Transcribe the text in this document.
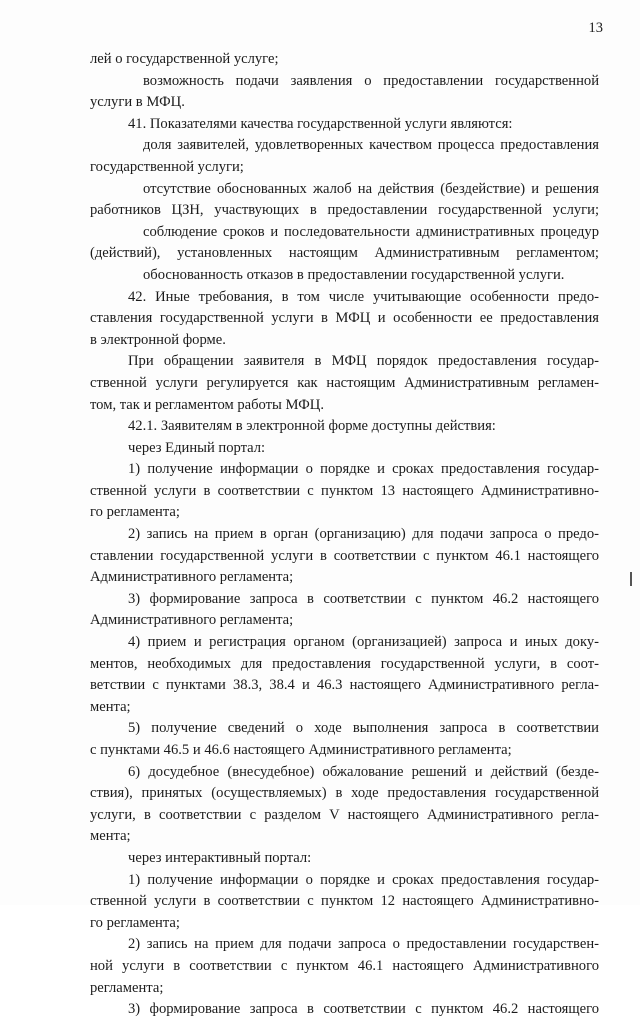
13
лей о государственной услуге;
возможность подачи заявления о предоставлении государственной
услуги в МФЦ.
41. Показателями качества государственной услуги являются:
доля заявителей, удовлетворенных качеством процесса предоставления
государственной услуги;
отсутствие обоснованных жалоб на действия (бездействие) и решения
работников ЦЗН, участвующих в предоставлении государственной услуги;
соблюдение сроков и последовательности административных процедур
(действий), установленных настоящим Административным регламентом;
обоснованность отказов в предоставлении государственной услуги.
42. Иные требования, в том числе учитывающие особенности предо-
ставления государственной услуги в МФЦ и особенности ее предоставления
в электронной форме.
При обращении заявителя в МФЦ порядок предоставления государ-
ственной услуги регулируется как настоящим Административным регламен-
том, так и регламентом работы МФЦ.
42.1. Заявителям в электронной форме доступны действия:
через Единый портал:
1) получение информации о порядке и сроках предоставления государ-
ственной услуги в соответствии с пунктом 13 настоящего Административно-
го регламента;
2) запись на прием в орган (организацию) для подачи запроса о предо-
ставлении государственной услуги в соответствии с пунктом 46.1 настоящего
Административного регламента;
3) формирование запроса в соответствии с пунктом 46.2 настоящего
Административного регламента;
4) прием и регистрация органом (организацией) запроса и иных доку-
ментов, необходимых для предоставления государственной услуги, в соот-
ветствии с пунктами 38.3, 38.4 и 46.3 настоящего Административного регла-
мента;
5) получение сведений о ходе выполнения запроса в соответствии
с пунктами 46.5 и 46.6 настоящего Административного регламента;
6) досудебное (внесудебное) обжалование решений и действий (безде-
ствия), принятых (осуществляемых) в ходе предоставления государственной
услуги, в соответствии с разделом V настоящего Административного регла-
мента;
через интерактивный портал:
1) получение информации о порядке и сроках предоставления государ-
ственной услуги в соответствии с пунктом 12 настоящего Административно-
го регламента;
2) запись на прием для подачи запроса о предоставлении государствен-
ной услуги в соответствии с пунктом 46.1 настоящего Административного
регламента;
3) формирование запроса в соответствии с пунктом 46.2 настоящего
